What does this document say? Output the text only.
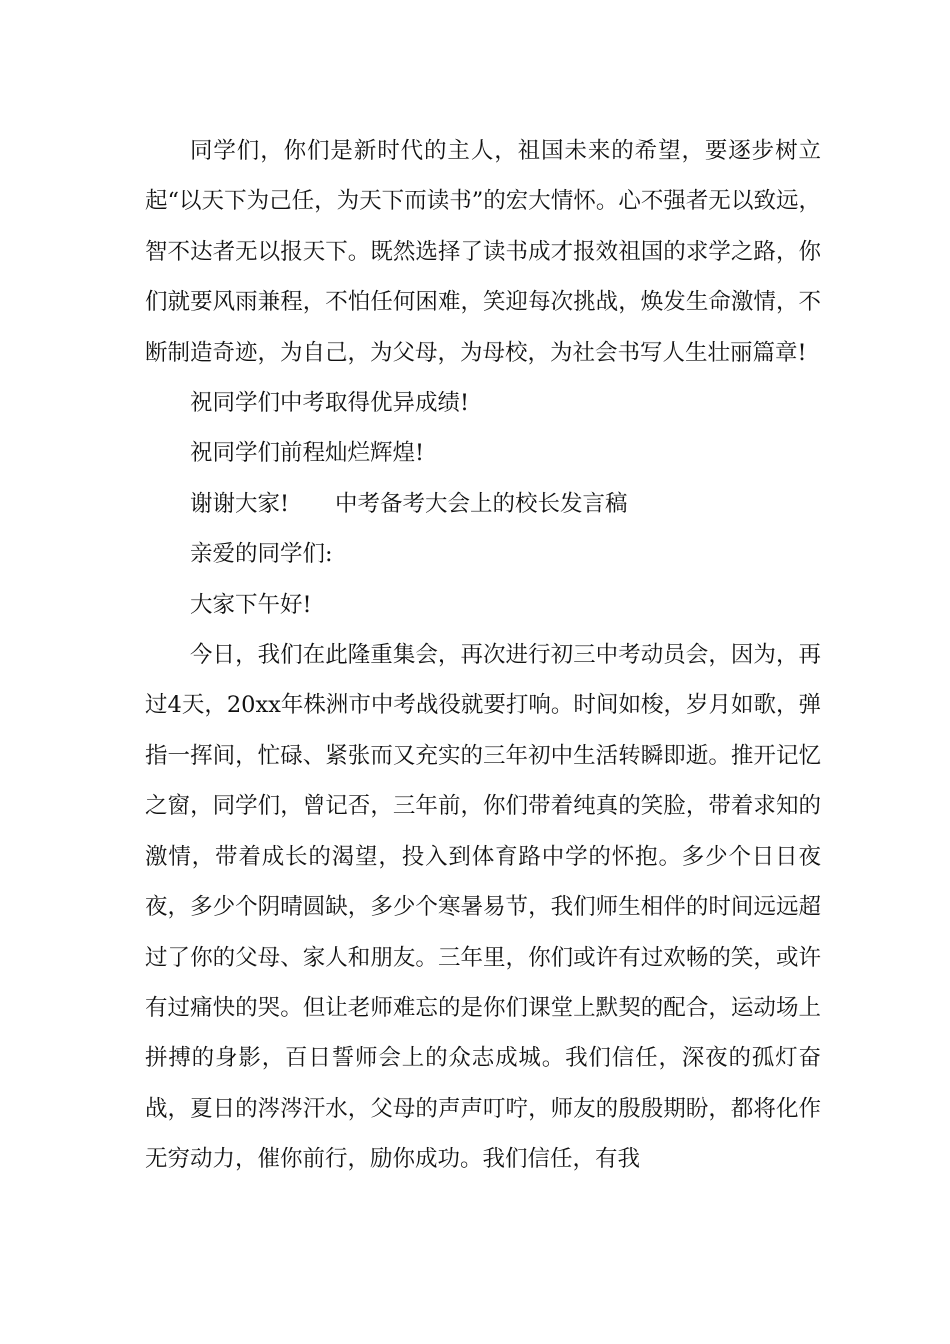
同学们，你们是新时代的主人，祖国未来的希望，要逐步树立起“以天下为己任，为天下而读书”的宏大情怀。心不强者无以致远，智不达者无以报天下。既然选择了读书成才报效祖国的求学之路，你们就要风雨兼程，不怕任何困难，笑迎每次挑战，焕发生命激情，不断制造奇迹，为自己，为父母，为母校，为社会书写人生壮丽篇章!

祝同学们中考取得优异成绩!

祝同学们前程灿烂辉煌!

谢谢大家! 中考备考大会上的校长发言稿

亲爱的同学们:

大家下午好!

今日，我们在此隆重集会，再次进行初三中考动员会，因为，再过4天，20xx年株洲市中考战役就要打响。时间如梭，岁月如歌，弹指一挥间，忙碌、紧张而又充实的三年初中生活转瞬即逝。推开记忆之窗，同学们，曾记否，三年前，你们带着纯真的笑脸，带着求知的激情，带着成长的渴望，投入到体育路中学的怀抱。多少个日日夜夜，多少个阴晴圆缺，多少个寒暑易节，我们师生相伴的时间远远超过了你的父母、家人和朋友。三年里，你们或许有过欢畅的笑，或许有过痛快的哭。但让老师难忘的是你们课堂上默契的配合，运动场上拼搏的身影，百日誓师会上的众志成城。我们信任，深夜的孤灯奋战，夏日的涔涔汗水，父母的声声叮咛，师友的殷殷期盼，都将化作无穷动力，催你前行，励你成功。我们信任，有我
